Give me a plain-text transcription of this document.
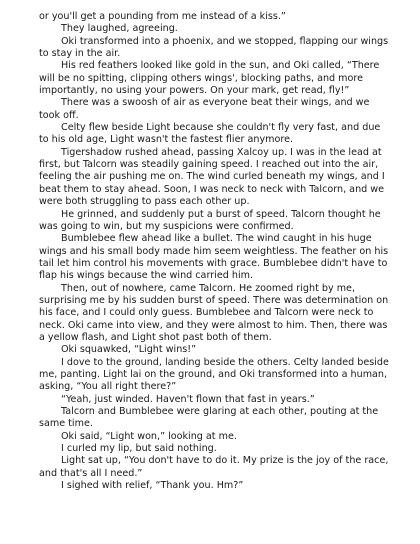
or you'll get a pounding from me instead of a kiss.”

They laughed, agreeing.

Oki transformed into a phoenix, and we stopped, flapping our wings to stay in the air.

His red feathers looked like gold in the sun, and Oki called, “There will be no spitting, clipping others wings', blocking paths, and more importantly, no using your powers. On your mark, get read, fly!”

There was a swoosh of air as everyone beat their wings, and we took off.

Celty flew beside Light because she couldn't fly very fast, and due to his old age, Light wasn't the fastest flier anymore.

Tigershadow rushed ahead, passing Xalcoy up. I was in the lead at first, but Talcorn was steadily gaining speed. I reached out into the air, feeling the air pushing me on. The wind curled beneath my wings, and I beat them to stay ahead. Soon, I was neck to neck with Talcorn, and we were both struggling to pass each other up.

He grinned, and suddenly put a burst of speed. Talcorn thought he was going to win, but my suspicions were confirmed.

Bumblebee flew ahead like a bullet. The wind caught in his huge wings and his small body made him seem weightless. The feather on his tail let him control his movements with grace. Bumblebee didn't have to flap his wings because the wind carried him.

Then, out of nowhere, came Talcorn. He zoomed right by me, surprising me by his sudden burst of speed. There was determination on his face, and I could only guess. Bumblebee and Talcorn were neck to neck. Oki came into view, and they were almost to him. Then, there was a yellow flash, and Light shot past both of them.

Oki squawked, “Light wins!”

I dove to the ground, landing beside the others. Celty landed beside me, panting. Light lai on the ground, and Oki transformed into a human, asking, “You all right there?”

“Yeah, just winded. Haven't flown that fast in years.”

Talcorn and Bumblebee were glaring at each other, pouting at the same time.

Oki said, “Light won,” looking at me.

I curled my lip, but said nothing.

Light sat up, “You don't have to do it. My prize is the joy of the race, and that's all I need.”

I sighed with relief, “Thank you. Hm?”
